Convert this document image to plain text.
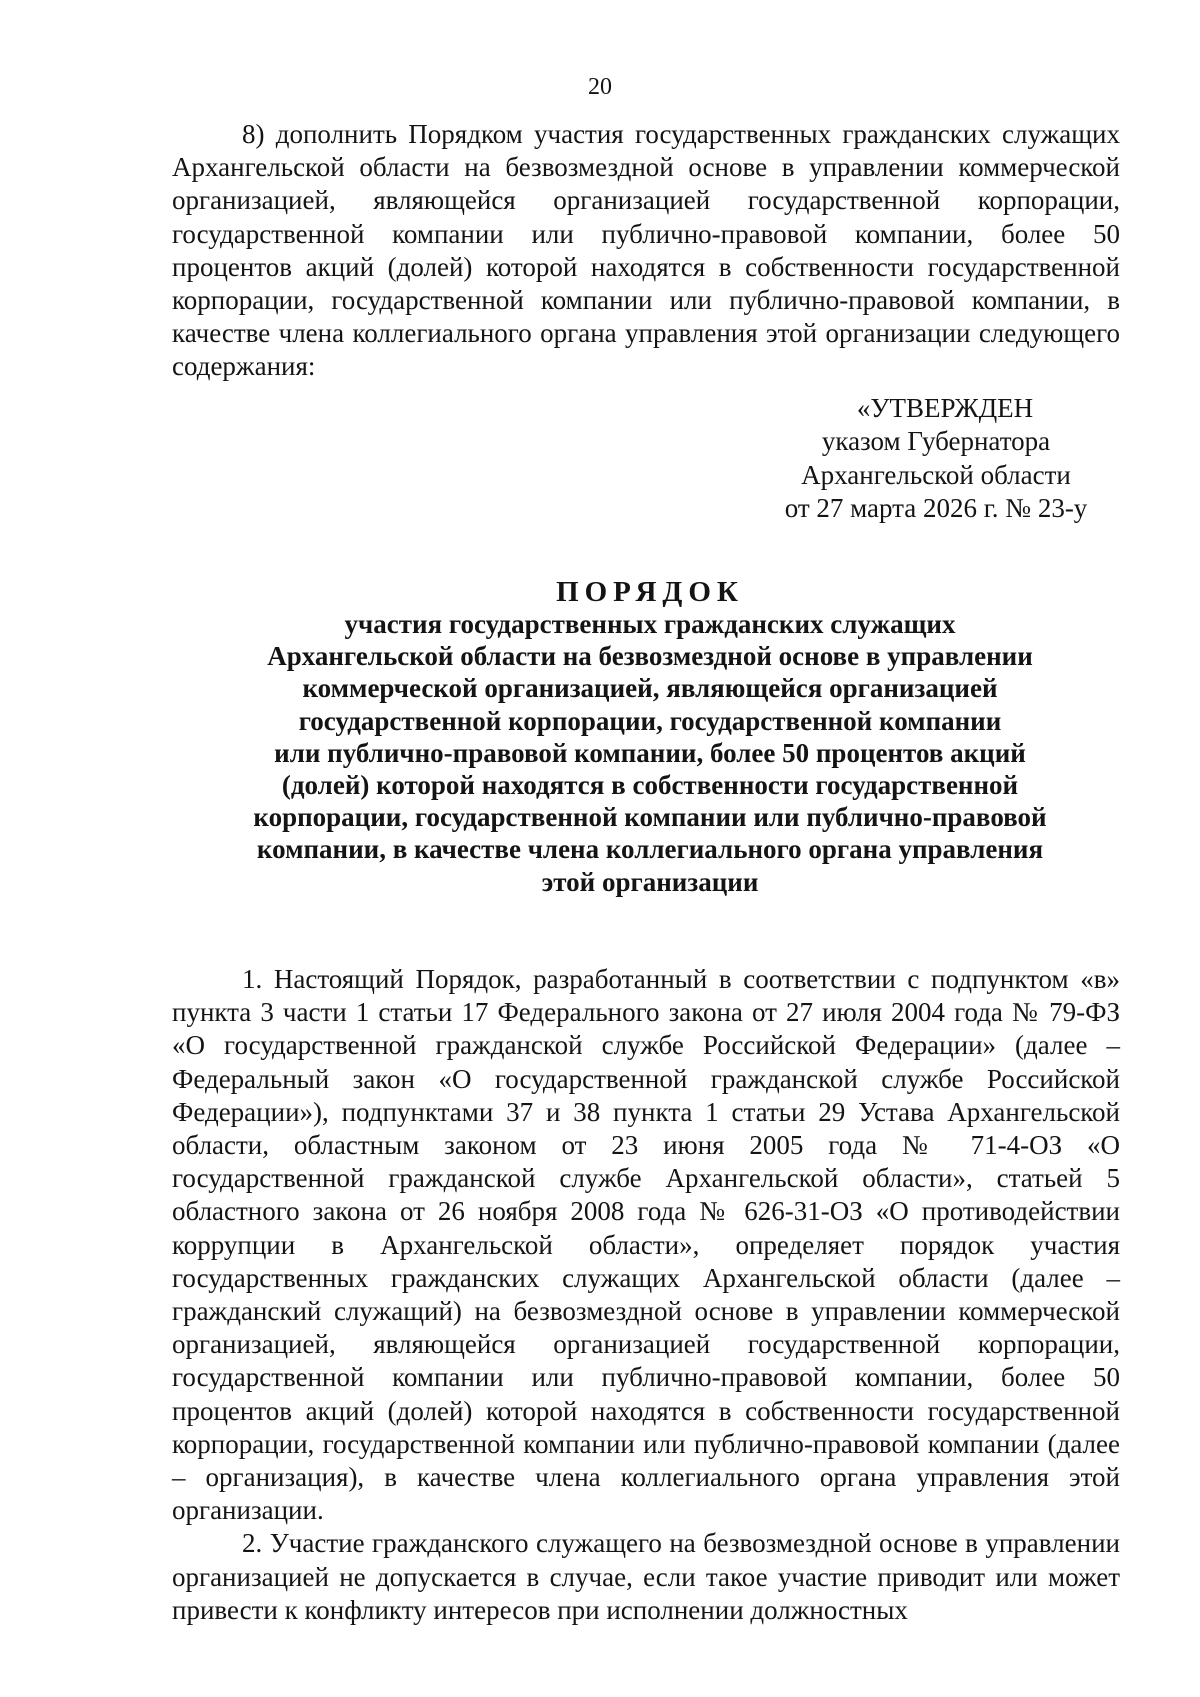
20

8) дополнить Порядком участия государственных гражданских служащих Архангельской области на безвозмездной основе в управлении коммерческой организацией, являющейся организацией государственной корпорации, государственной компании или публично-правовой компании, более 50 процентов акций (долей) которой находятся в собственности государственной корпорации, государственной компании или публично-правовой компании, в качестве члена коллегиального органа управления этой организации следующего содержания:

«УТВЕРЖДЕН
указом Губернатора
Архангельской области
от 27 марта 2026 г. № 23-у
ПОРЯДОК
участия государственных гражданских служащих
Архангельской области на безвозмездной основе в управлении
коммерческой организацией, являющейся организацией
государственной корпорации, государственной компании
или публично-правовой компании, более 50 процентов акций
(долей) которой находятся в собственности государственной
корпорации, государственной компании или публично-правовой
компании, в качестве члена коллегиального органа управления
этой организации

1. Настоящий Порядок, разработанный в соответствии с подпунктом «в» пункта 3 части 1 статьи 17 Федерального закона от 27 июля 2004 года № 79-ФЗ «О государственной гражданской службе Российской Федерации» (далее – Федеральный закон «О государственной гражданской службе Российской Федерации»), подпунктами 37 и 38 пункта 1 статьи 29 Устава Архангельской области, областным законом от 23 июня 2005 года № 71-4-ОЗ «О государственной гражданской службе Архангельской области», статьей 5 областного закона от 26 ноября 2008 года № 626-31-ОЗ «О противодействии коррупции в Архангельской области», определяет порядок участия государственных гражданских служащих Архангельской области (далее – гражданский служащий) на безвозмездной основе в управлении коммерческой организацией, являющейся организацией государственной корпорации, государственной компании или публично-правовой компании, более 50 процентов акций (долей) которой находятся в собственности государственной корпорации, государственной компании или публично-правовой компании (далее – организация), в качестве члена коллегиального органа управления этой организации.

2. Участие гражданского служащего на безвозмездной основе в управлении организацией не допускается в случае, если такое участие приводит или может привести к конфликту интересов при исполнении должностных
